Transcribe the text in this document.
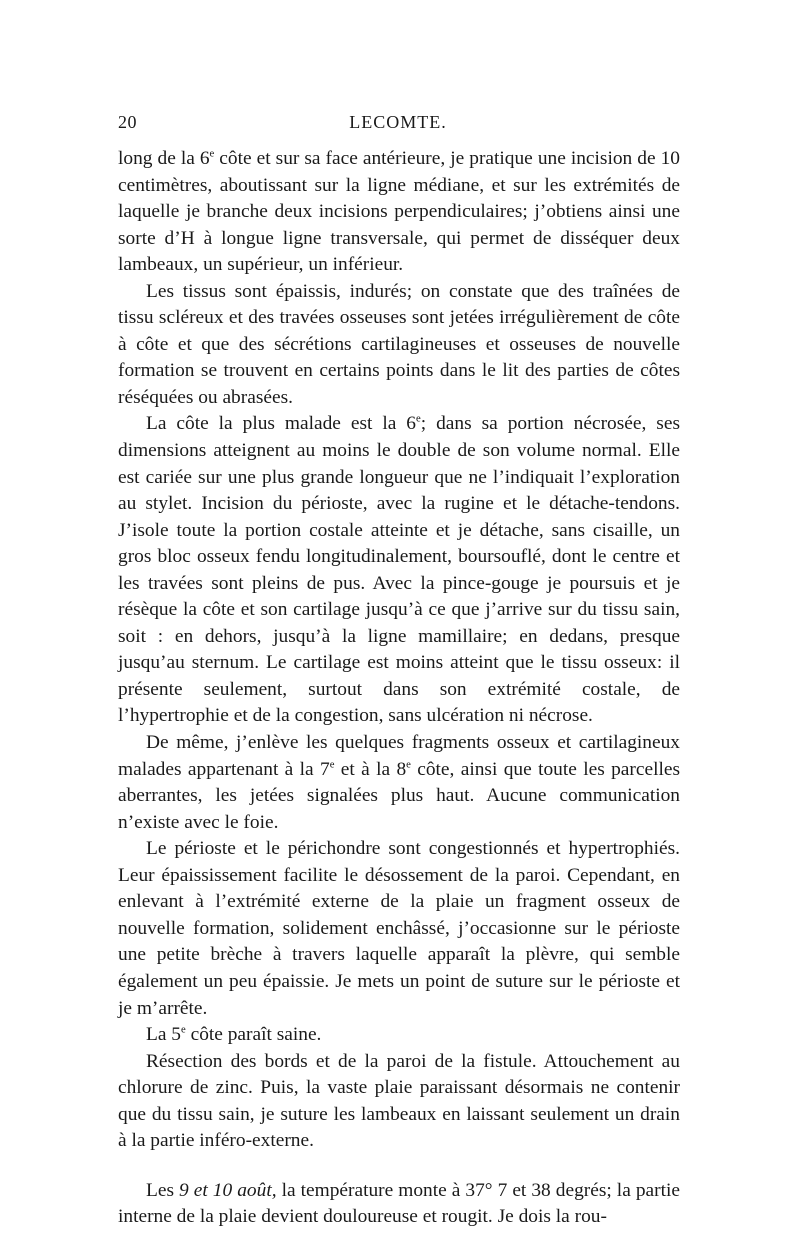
20	LECOMTE.

long de la 6e côte et sur sa face antérieure, je pratique une incision de 10 centimètres, aboutissant sur la ligne médiane, et sur les extrémités de laquelle je branche deux incisions perpendiculaires; j’obtiens ainsi une sorte d’H à longue ligne transversale, qui permet de disséquer deux lambeaux, un supérieur, un inférieur.

Les tissus sont épaissis, indurés; on constate que des traînées de tissu scléreux et des travées osseuses sont jetées irrégulièrement de côte à côte et que des sécrétions cartilagineuses et osseuses de nouvelle formation se trouvent en certains points dans le lit des parties de côtes réséquées ou abrasées.

La côte la plus malade est la 6e; dans sa portion nécrosée, ses dimensions atteignent au moins le double de son volume normal. Elle est cariée sur une plus grande longueur que ne l’indiquait l’exploration au stylet. Incision du périoste, avec la rugine et le détache-tendons. J’isole toute la portion costale atteinte et je détache, sans cisaille, un gros bloc osseux fendu longitudinalement, boursouflé, dont le centre et les travées sont pleins de pus. Avec la pince-gouge je poursuis et je résèque la côte et son cartilage jusqu’à ce que j’arrive sur du tissu sain, soit : en dehors, jusqu’à la ligne mamillaire; en dedans, presque jusqu’au sternum. Le cartilage est moins atteint que le tissu osseux: il présente seulement, surtout dans son extrémité costale, de l’hypertrophie et de la congestion, sans ulcération ni nécrose.

De même, j’enlève les quelques fragments osseux et cartilagineux malades appartenant à la 7e et à la 8e côte, ainsi que toute les parcelles aberrantes, les jetées signalées plus haut. Aucune communication n’existe avec le foie.

Le périoste et le périchondre sont congestionnés et hypertrophiés. Leur épaississement facilite le désossement de la paroi. Cependant, en enlevant à l’extrémité externe de la plaie un fragment osseux de nouvelle formation, solidement enchâssé, j’occasionne sur le périoste une petite brèche à travers laquelle apparaît la plèvre, qui semble également un peu épaissie. Je mets un point de suture sur le périoste et je m’arrête.

La 5e côte paraît saine.

Résection des bords et de la paroi de la fistule. Attouchement au chlorure de zinc. Puis, la vaste plaie paraissant désormais ne contenir que du tissu sain, je suture les lambeaux en laissant seulement un drain à la partie inféro-externe.

Les 9 et 10 août, la température monte à 37° 7 et 38 degrés; la partie interne de la plaie devient douloureuse et rougit. Je dois la rou-
